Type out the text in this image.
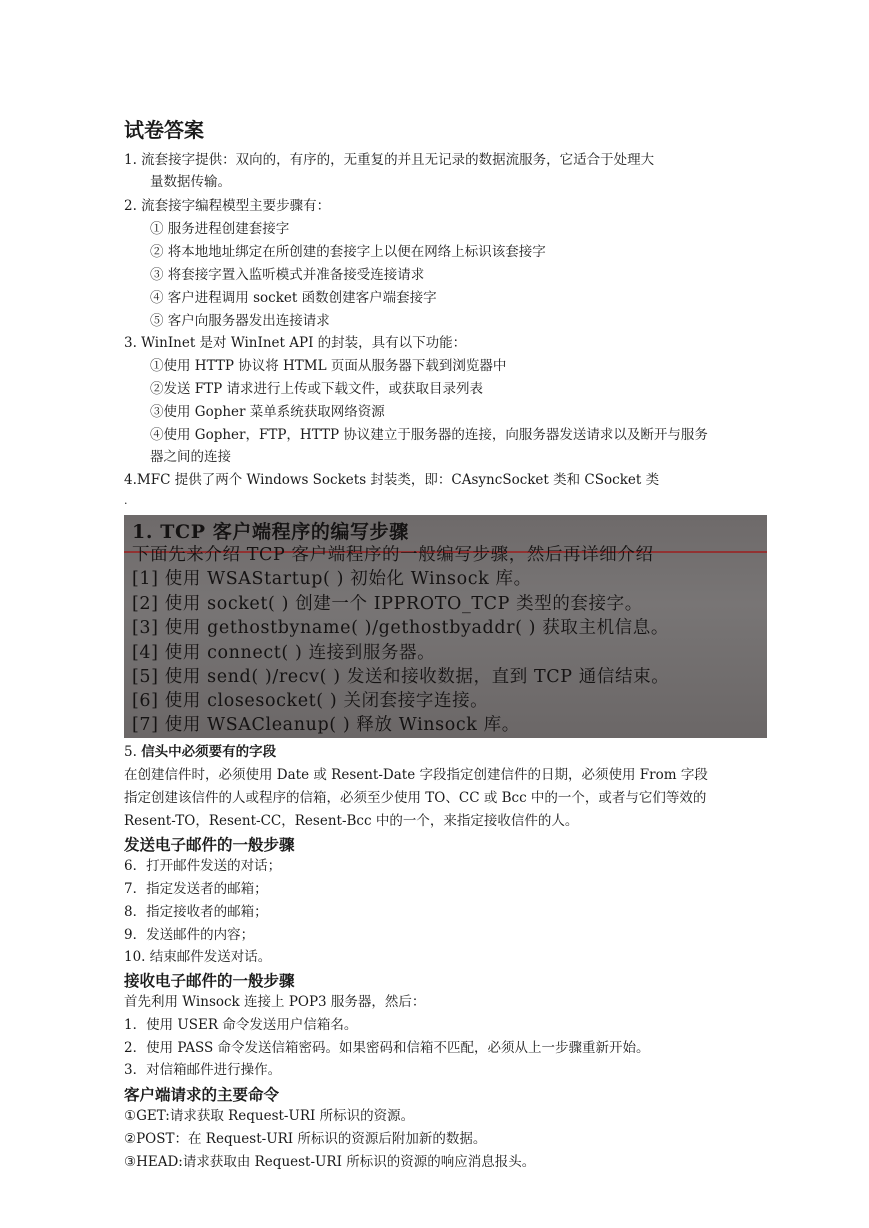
试卷答案
1. 流套接字提供：双向的，有序的，无重复的并且无记录的数据流服务，它适合于处理大
量数据传输。
2. 流套接字编程模型主要步骤有：
① 服务进程创建套接字
② 将本地地址绑定在所创建的套接字上以便在网络上标识该套接字
③ 将套接字置入监听模式并准备接受连接请求
④ 客户进程调用 socket 函数创建客户端套接字
⑤ 客户向服务器发出连接请求
3. WinInet 是对 WinInet API 的封装，具有以下功能：
①使用 HTTP 协议将 HTML 页面从服务器下载到浏览器中
②发送 FTP 请求进行上传或下载文件，或获取目录列表
③使用 Gopher 菜单系统获取网络资源
④使用 Gopher，FTP，HTTP 协议建立于服务器的连接，向服务器发送请求以及断开与服务
器之间的连接
4.MFC 提供了两个 Windows Sockets 封装类，即：CAsyncSocket 类和 CSocket 类
.
1. TCP 客户端程序的编写步骤
下面先来介绍 TCP 客户端程序的一般编写步骤，然后再详细介绍
[1] 使用 WSAStartup( ) 初始化 Winsock 库。
[2] 使用 socket( ) 创建一个 IPPROTO_TCP 类型的套接字。
[3] 使用 gethostbyname( )/gethostbyaddr( ) 获取主机信息。
[4] 使用 connect( ) 连接到服务器。
[5] 使用 send( )/recv( ) 发送和接收数据，直到 TCP 通信结束。
[6] 使用 closesocket( ) 关闭套接字连接。
[7] 使用 WSACleanup( ) 释放 Winsock 库。
5. 信头中必须要有的字段
在创建信件时，必须使用 Date 或 Resent-Date 字段指定创建信件的日期，必须使用 From 字段
指定创建该信件的人或程序的信箱，必须至少使用 TO、CC 或 Bcc 中的一个，或者与它们等效的
Resent-TO，Resent-CC，Resent-Bcc 中的一个，来指定接收信件的人。
发送电子邮件的一般步骤
6．打开邮件发送的对话；
7．指定发送者的邮箱；
8．指定接收者的邮箱；
9．发送邮件的内容；
10. 结束邮件发送对话。
接收电子邮件的一般步骤
首先利用 Winsock 连接上 POP3 服务器，然后：
1．使用 USER 命令发送用户信箱名。
2．使用 PASS 命令发送信箱密码。如果密码和信箱不匹配，必须从上一步骤重新开始。
3．对信箱邮件进行操作。
客户端请求的主要命令
①GET:请求获取 Request-URI 所标识的资源。
②POST：在 Request-URI 所标识的资源后附加新的数据。
③HEAD:请求获取由 Request-URI 所标识的资源的响应消息报头。
